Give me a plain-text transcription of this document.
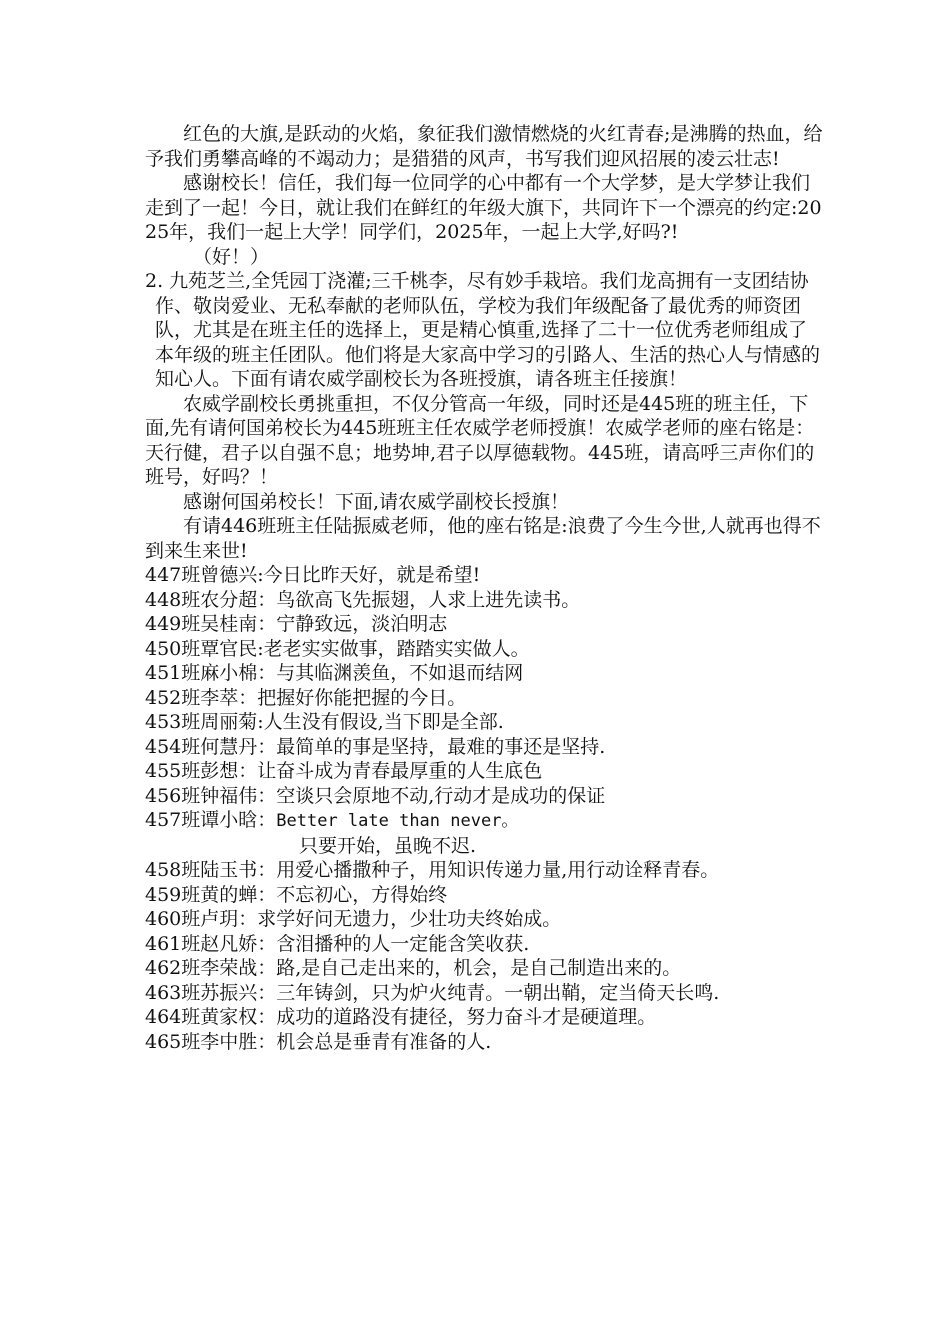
红色的大旗,是跃动的火焰，象征我们激情燃烧的火红青春;是沸腾的热血，给予我们勇攀高峰的不竭动力；是猎猎的风声，书写我们迎风招展的凌云壮志!

感谢校长！信任，我们每一位同学的心中都有一个大学梦，是大学梦让我们走到了一起！今日，就让我们在鲜红的年级大旗下，共同许下一个漂亮的约定:2025年，我们一起上大学！同学们，2025年，一起上大学,好吗?!

（好！）

2. 九苑芝兰,全凭园丁浇灌;三千桃李，尽有妙手栽培。我们龙高拥有一支团结协作、敬岗爱业、无私奉献的老师队伍，学校为我们年级配备了最优秀的师资团队，尤其是在班主任的选择上，更是精心慎重,选择了二十一位优秀老师组成了本年级的班主任团队。他们将是大家高中学习的引路人、生活的热心人与情感的知心人。下面有请农威学副校长为各班授旗，请各班主任接旗！

农威学副校长勇挑重担，不仅分管高一年级，同时还是445班的班主任，下面,先有请何国弟校长为445班班主任农威学老师授旗！农威学老师的座右铭是：天行健，君子以自强不息；地势坤,君子以厚德载物。445班，请高呼三声你们的班号，好吗？！

感谢何国弟校长！下面,请农威学副校长授旗！

有请446班班主任陆振威老师，他的座右铭是:浪费了今生今世,人就再也得不到来生来世!

447班曾德兴:今日比昨天好，就是希望!

448班农分超：鸟欲高飞先振翅，人求上进先读书。

449班吴桂南：宁静致远，淡泊明志

450班覃官民:老老实实做事，踏踏实实做人。

451班麻小棉：与其临渊羡鱼，不如退而结网

452班李萃：把握好你能把握的今日。

453班周丽菊:人生没有假设,当下即是全部.

454班何慧丹：最简单的事是坚持，最难的事还是坚持.

455班彭想：让奋斗成为青春最厚重的人生底色

456班钟福伟：空谈只会原地不动,行动才是成功的保证

457班谭小晗：Better late than never。

只要开始，虽晚不迟.

458班陆玉书：用爱心播撒种子，用知识传递力量,用行动诠释青春。

459班黄的蝉：不忘初心，方得始终

460班卢玥：求学好问无遗力，少壮功夫终始成。

461班赵凡娇：含泪播种的人一定能含笑收获.

462班李荣战：路,是自己走出来的，机会，是自己制造出来的。

463班苏振兴：三年铸剑，只为炉火纯青。一朝出鞘，定当倚天长鸣.

464班黄家权：成功的道路没有捷径，努力奋斗才是硬道理。

465班李中胜：机会总是垂青有准备的人.
